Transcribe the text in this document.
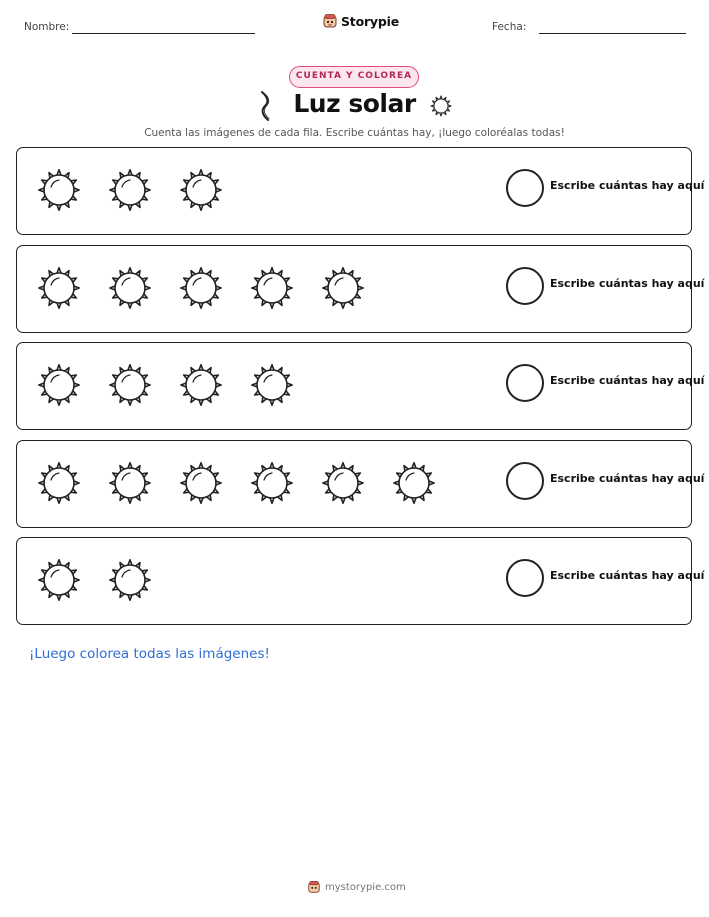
Nombre:	Storypie	Fecha:
CUENTA Y COLOREA
Luz solar
Cuenta las imágenes de cada fila. Escribe cuántas hay, ¡luego coloréalas todas!
Escribe cuántas hay aquí
Escribe cuántas hay aquí
Escribe cuántas hay aquí
Escribe cuántas hay aquí
Escribe cuántas hay aquí
¡Luego colorea todas las imágenes!
mystorypie.com
